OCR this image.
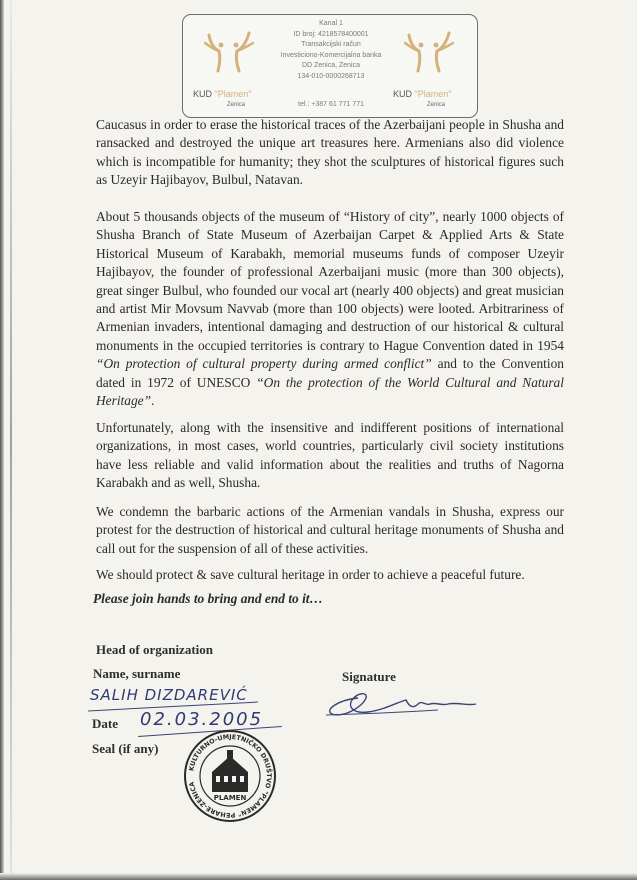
KUD "Plamen"
Zenica
Kanal 1
ID broj: 4218578400001
Transakcijski račun
Investiciono-Komercijalna banka
DD Zenica, Zenica
134-010-0000268713
tel.: +387 61 771 771
KUD "Plamen"
Zenica

Caucasus in order to erase the historical traces of the Azerbaijani people in Shusha and ransacked and destroyed the unique art treasures here. Armenians also did violence which is incompatible for humanity; they shot the sculptures of historical figures such as Uzeyir Hajibayov, Bulbul, Natavan.

About 5 thousands objects of the museum of “History of city”, nearly 1000 objects of Shusha Branch of State Museum of Azerbaijan Carpet & Applied Arts & State Historical Museum of Karabakh, memorial museums funds of composer Uzeyir Hajibayov, the founder of professional Azerbaijani music (more than 300 objects), great singer Bulbul, who founded our vocal art (nearly 400 objects) and great musician and artist Mir Movsum Navvab (more than 100 objects) were looted. Arbitrariness of Armenian invaders, intentional damaging and destruction of our historical & cultural monuments in the occupied territories is contrary to Hague Convention dated in 1954 “On protection of cultural property during armed conflict” and to the Convention dated in 1972 of UNESCO “On the protection of the World Cultural and Natural Heritage”.

Unfortunately, along with the insensitive and indifferent positions of international organizations, in most cases, world countries, particularly civil society institutions have less reliable and valid information about the realities and truths of Nagorna Karabakh and as well, Shusha.

We condemn the barbaric actions of the Armenian vandals in Shusha, express our protest for the destruction of historical and cultural heritage monuments of Shusha and call out for the suspension of all of these activities.

We should protect & save cultural heritage in order to achieve a peaceful future.

Please join hands to bring and end to it…
Head of organization
Name, surname	Signature
SALIH DIZDAREVIĆ
Date 02.03.2005
Seal (if any)
KULTURNO-UMJETNIČKO DRUŠTVO "PLAMEN" PEHARE-ZENICA
PLAMEN
